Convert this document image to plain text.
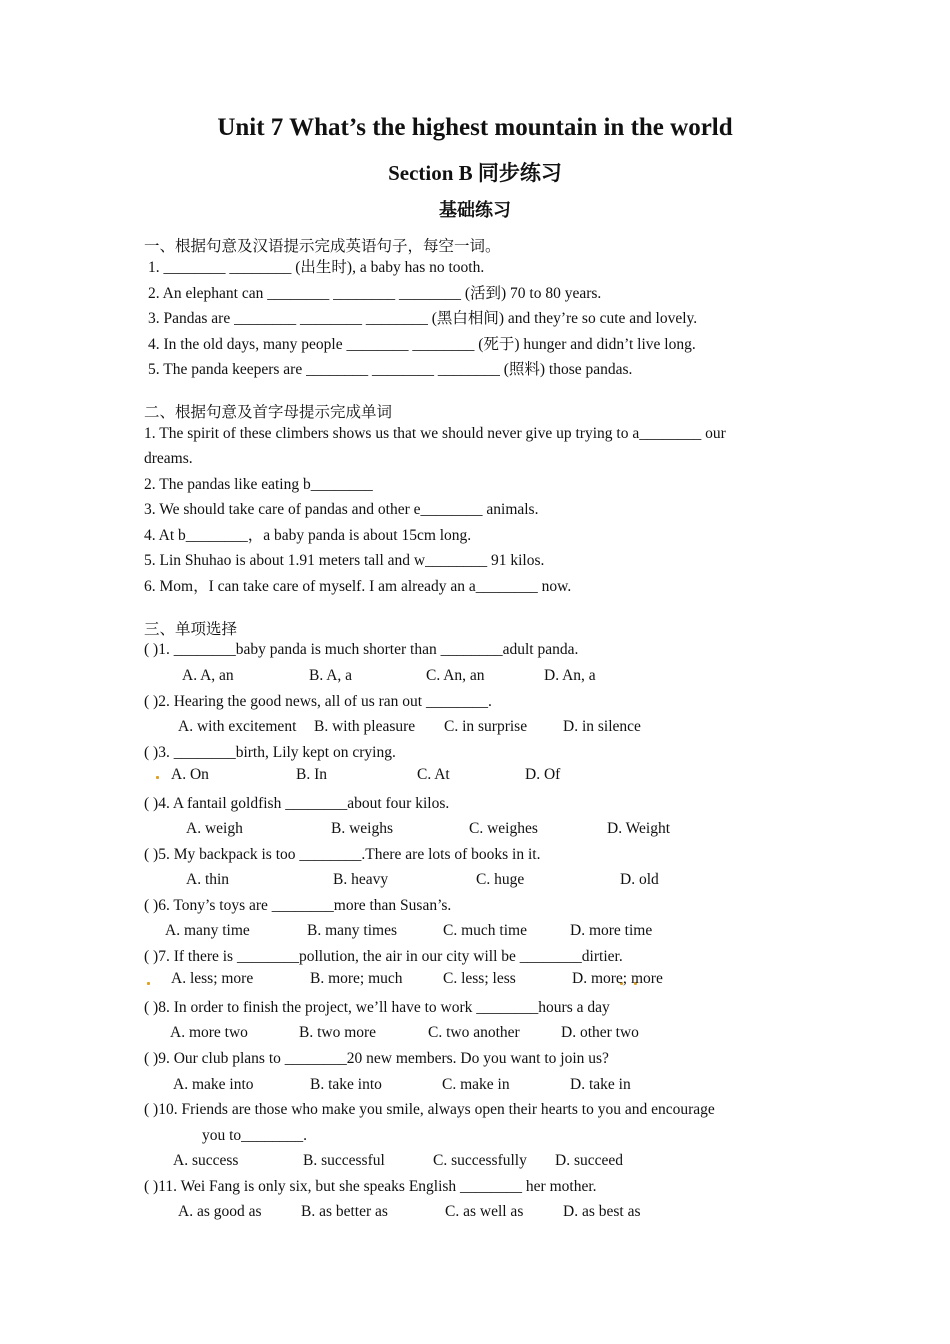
Unit 7 What’s the highest mountain in the world
Section B 同步练习
基础练习
一、根据句意及汉语提示完成英语句子，每空一词。
1. ________ ________ (出生时), a baby has no tooth.
2. An elephant can ________ ________ ________ (活到) 70 to 80 years.
3. Pandas are ________ ________ ________ (黑白相间) and they’re so cute and lovely.
4. In the old days, many people ________ ________ (死于) hunger and didn’t live long.
5. The panda keepers are ________ ________ ________ (照料) those pandas.
二、根据句意及首字母提示完成单词
1. The spirit of these climbers shows us that we should never give up trying to a________ our
dreams.
2. The pandas like eating b________
3. We should take care of pandas and other e________ animals.
4. At b________，a baby panda is about 15cm long.
5. Lin Shuhao is about 1.91 meters tall and w________ 91 kilos.
6. Mom，I can take care of myself. I am already an a________ now.
三、单项选择
( )1. ________baby panda is much shorter than ________adult panda.
A. A, an	B. A, a	C. An, an	D. An, a
( )2. Hearing the good news, all of us ran out ________.
A. with excitement B. with pleasure C. in surprise D. in silence
( )3. ________birth, Lily kept on crying.
A. On	B. In	C. At	D. Of
( )4. A fantail goldfish ________about four kilos.
A. weigh	B. weighs	C. weighes	D. Weight
( )5. My backpack is too ________.There are lots of books in it.
A. thin	B. heavy	C. huge	D. old
( )6. Tony’s toys are ________more than Susan’s.
A. many time	B. many times	C. much time	D. more time
( )7. If there is ________pollution, the air in our city will be ________dirtier.
A. less; more	B. more; much	C. less; less	D. more; more
( )8. In order to finish the project, we’ll have to work ________hours a day
A. more two	B. two more	C. two another	D. other two
( )9. Our club plans to ________20 new members. Do you want to join us?
A. make into	B. take into	C. make in	D. take in
( )10. Friends are those who make you smile, always open their hearts to you and encourage
you to________.
A. success	B. successful	C. successfully D. succeed
( )11. Wei Fang is only six, but she speaks English ________ her mother.
A. as good as	B. as better as	C. as well as	D. as best as
